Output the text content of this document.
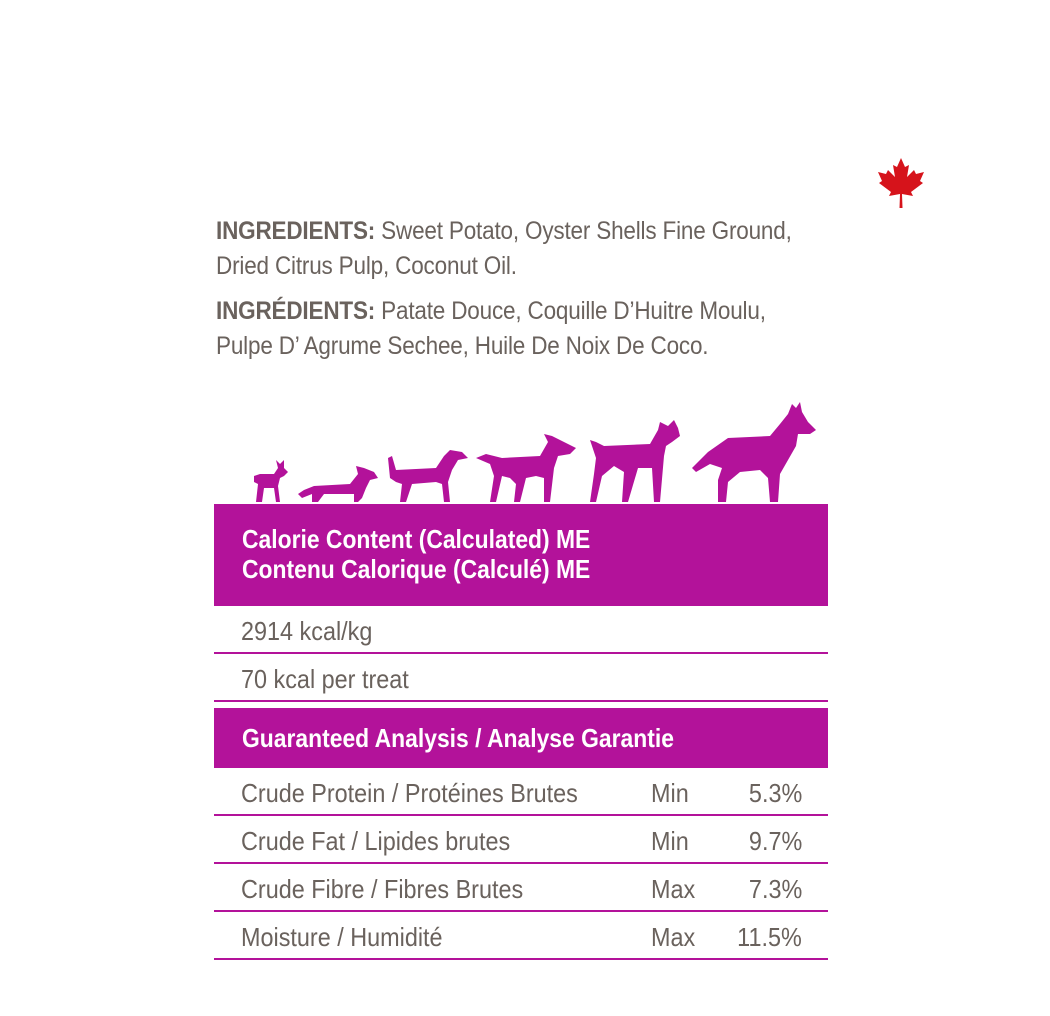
INGREDIENTS: Sweet Potato, Oyster Shells Fine Ground,
Dried Citrus Pulp, Coconut Oil.

INGRÉDIENTS: Patate Douce, Coquille D’Huitre Moulu,
Pulpe D’ Agrume Sechee, Huile De Noix De Coco.

Calorie Content (Calculated) ME
Contenu Calorique (Calculé) ME
2914 kcal/kg
70 kcal per treat
Guaranteed Analysis / Analyse Garantie
Crude Protein / Protéines Brutes	Min 5.3%
Crude Fat / Lipides brutes	Min 9.7%
Crude Fibre / Fibres Brutes	Max 7.3%
Moisture / Humidité	Max 11.5%
